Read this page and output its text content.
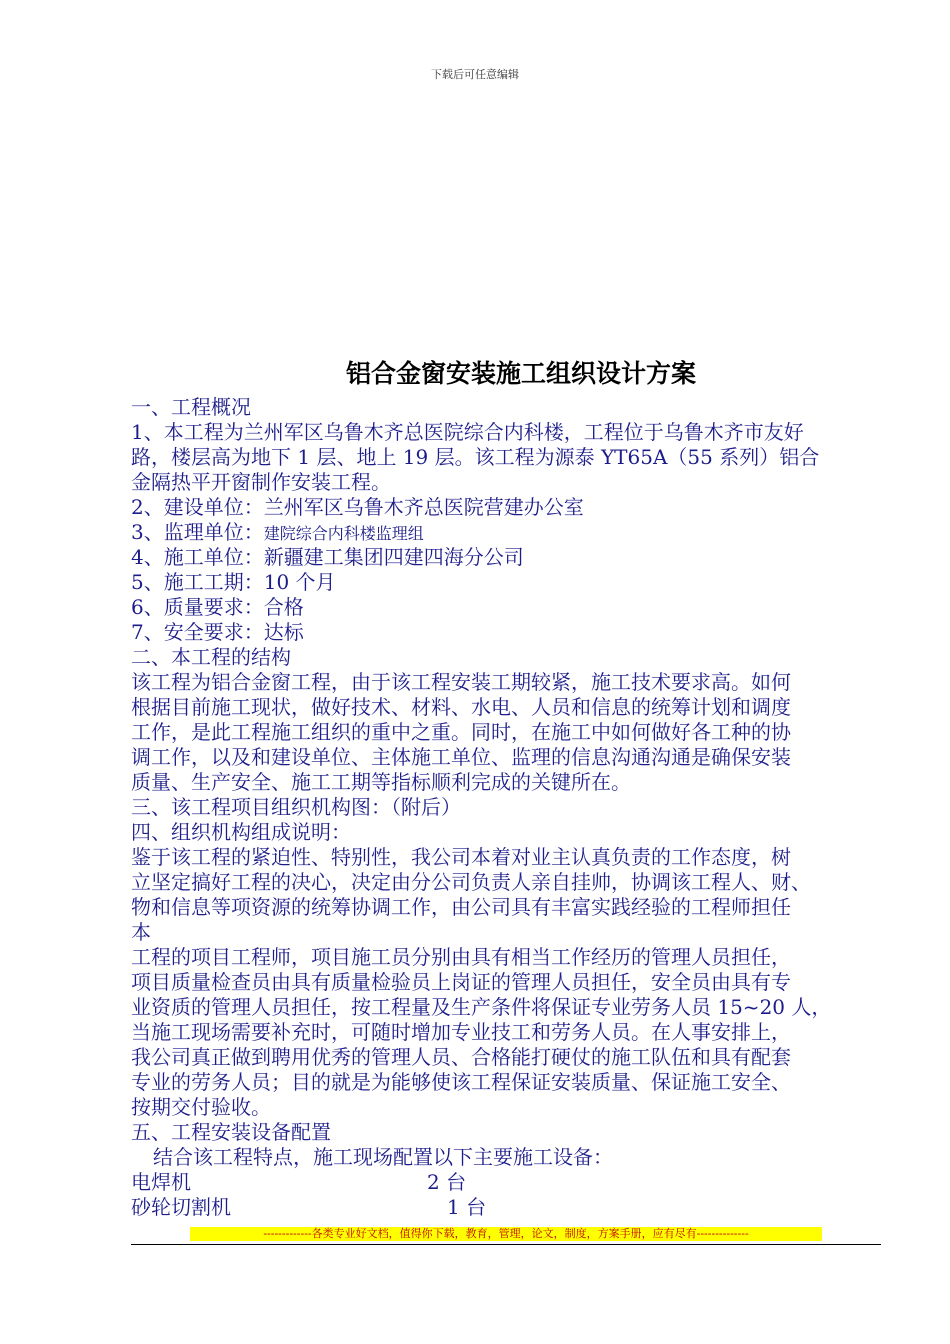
下载后可任意编辑
铝合金窗安装施工组织设计方案
一、工程概况
1、本工程为兰州军区乌鲁木齐总医院综合内科楼，工程位于乌鲁木齐市友好
路，楼层高为地下 1 层、地上 19 层。该工程为源泰 YT65A（55 系列）铝合
金隔热平开窗制作安装工程。
2、建设单位：兰州军区乌鲁木齐总医院营建办公室
3、监理单位：建院综合内科楼监理组
4、施工单位：新疆建工集团四建四海分公司
5、施工工期：10 个月
6、质量要求：合格
7、安全要求：达标
二、本工程的结构
该工程为铝合金窗工程，由于该工程安装工期较紧，施工技术要求高。如何
根据目前施工现状，做好技术、材料、水电、人员和信息的统筹计划和调度
工作，是此工程施工组织的重中之重。同时，在施工中如何做好各工种的协
调工作，以及和建设单位、主体施工单位、监理的信息沟通沟通是确保安装
质量、生产安全、施工工期等指标顺利完成的关键所在。
三、该工程项目组织机构图：（附后）
四、组织机构组成说明：
鉴于该工程的紧迫性、特别性，我公司本着对业主认真负责的工作态度，树
立坚定搞好工程的决心，决定由分公司负责人亲自挂帅，协调该工程人、财、
物和信息等项资源的统筹协调工作，由公司具有丰富实践经验的工程师担任
本
工程的项目工程师，项目施工员分别由具有相当工作经历的管理人员担任，
项目质量检查员由具有质量检验员上岗证的管理人员担任，安全员由具有专
业资质的管理人员担任，按工程量及生产条件将保证专业劳务人员 15~20 人，
当施工现场需要补充时，可随时增加专业技工和劳务人员。在人事安排上，
我公司真正做到聘用优秀的管理人员、合格能打硬仗的施工队伍和具有配套
专业的劳务人员；目的就是为能够使该工程保证安装质量、保证施工安全、
按期交付验收。
五、工程安装设备配置
结合该工程特点，施工现场配置以下主要施工设备：
电焊机	2 台
砂轮切割机	1 台
-------------各类专业好文档，值得你下载，教育，管理，论文，制度，方案手册，应有尽有--------------
